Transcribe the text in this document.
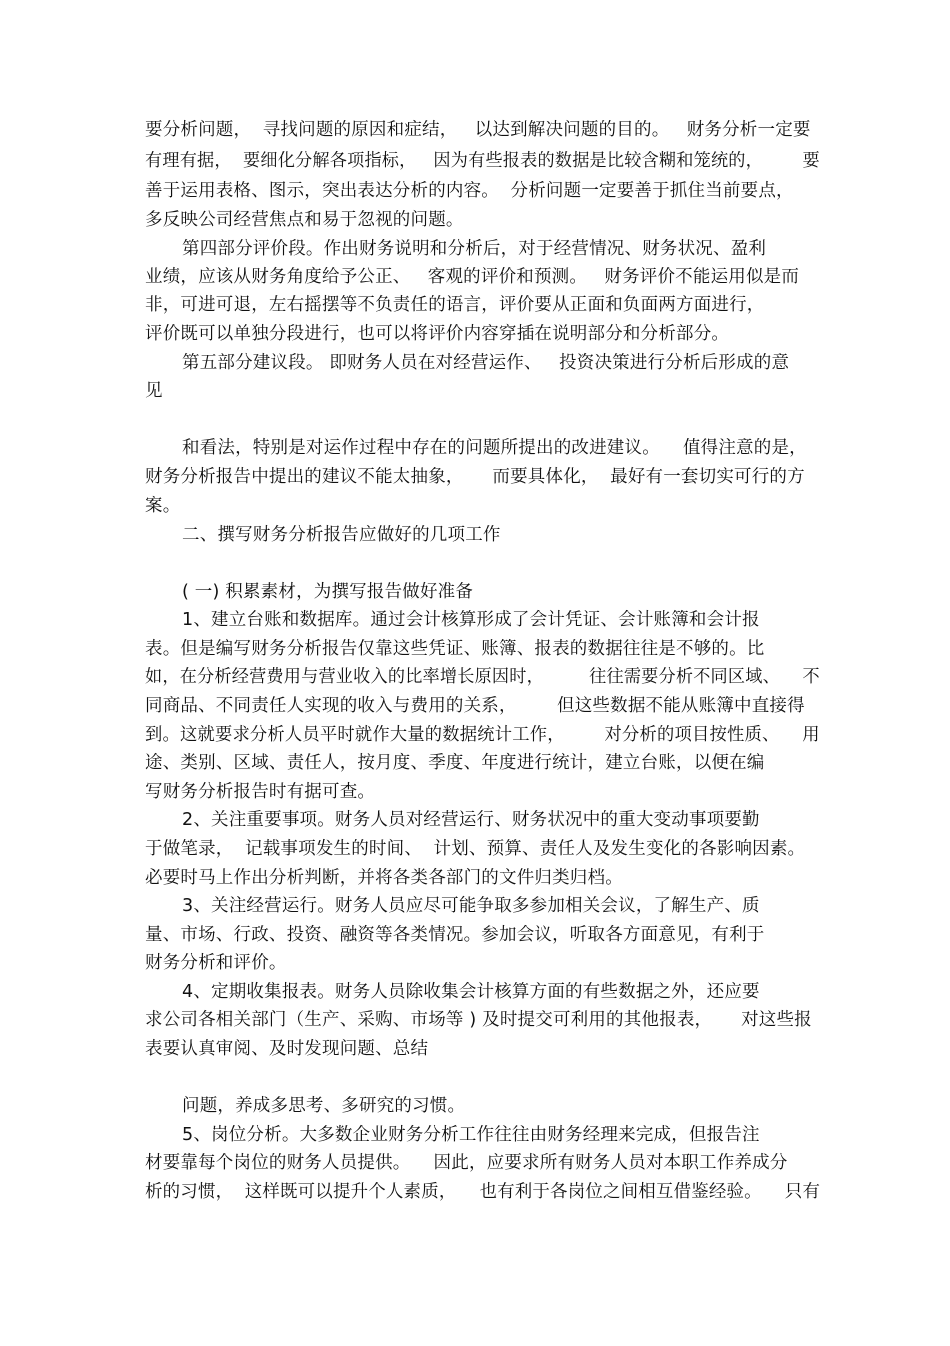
要分析问题，  寻找问题的原因和症结，   以达到解决问题的目的。   财务分析一定要
有理有据，  要细化分解各项指标，   因为有些报表的数据是比较含糊和笼统的，       要
善于运用表格、图示，突出表达分析的内容。  分析问题一定要善于抓住当前要点，
多反映公司经营焦点和易于忽视的问题。
第四部分评价段。作出财务说明和分析后，对于经营情况、财务状况、盈利
业绩，应该从财务角度给予公正、   客观的评价和预测。   财务评价不能运用似是而
非，可进可退，左右摇摆等不负责任的语言，评价要从正面和负面两方面进行，
评价既可以单独分段进行，也可以将评价内容穿插在说明部分和分析部分。
第五部分建议段。 即财务人员在对经营运作、   投资决策进行分析后形成的意
见
和看法，特别是对运作过程中存在的问题所提出的改进建议。    值得注意的是，
财务分析报告中提出的建议不能太抽象，     而要具体化，  最好有一套切实可行的方
案。
二、撰写财务分析报告应做好的几项工作
( 一) 积累素材，为撰写报告做好准备
1、建立台账和数据库。通过会计核算形成了会计凭证、会计账簿和会计报
表。但是编写财务分析报告仅靠这些凭证、账簿、报表的数据往往是不够的。比
如，在分析经营费用与营业收入的比率增长原因时，        往往需要分析不同区域、    不
同商品、不同责任人实现的收入与费用的关系，       但这些数据不能从账簿中直接得
到。这就要求分析人员平时就作大量的数据统计工作，       对分析的项目按性质、    用
途、类别、区域、责任人，按月度、季度、年度进行统计，建立台账，以便在编
写财务分析报告时有据可查。
2、关注重要事项。财务人员对经营运行、财务状况中的重大变动事项要勤
于做笔录，  记载事项发生的时间、  计划、预算、责任人及发生变化的各影响因素。
必要时马上作出分析判断，并将各类各部门的文件归类归档。
3、关注经营运行。财务人员应尽可能争取多参加相关会议，了解生产、质
量、市场、行政、投资、融资等各类情况。参加会议，听取各方面意见，有利于
财务分析和评价。
4、定期收集报表。财务人员除收集会计核算方面的有些数据之外，还应要
求公司各相关部门（生产、采购、市场等 ) 及时提交可利用的其他报表，     对这些报
表要认真审阅、及时发现问题、总结
问题，养成多思考、多研究的习惯。
5、岗位分析。大多数企业财务分析工作往往由财务经理来完成，但报告注
材要靠每个岗位的财务人员提供。    因此，应要求所有财务人员对本职工作养成分
析的习惯，  这样既可以提升个人素质，    也有利于各岗位之间相互借鉴经验。    只有
